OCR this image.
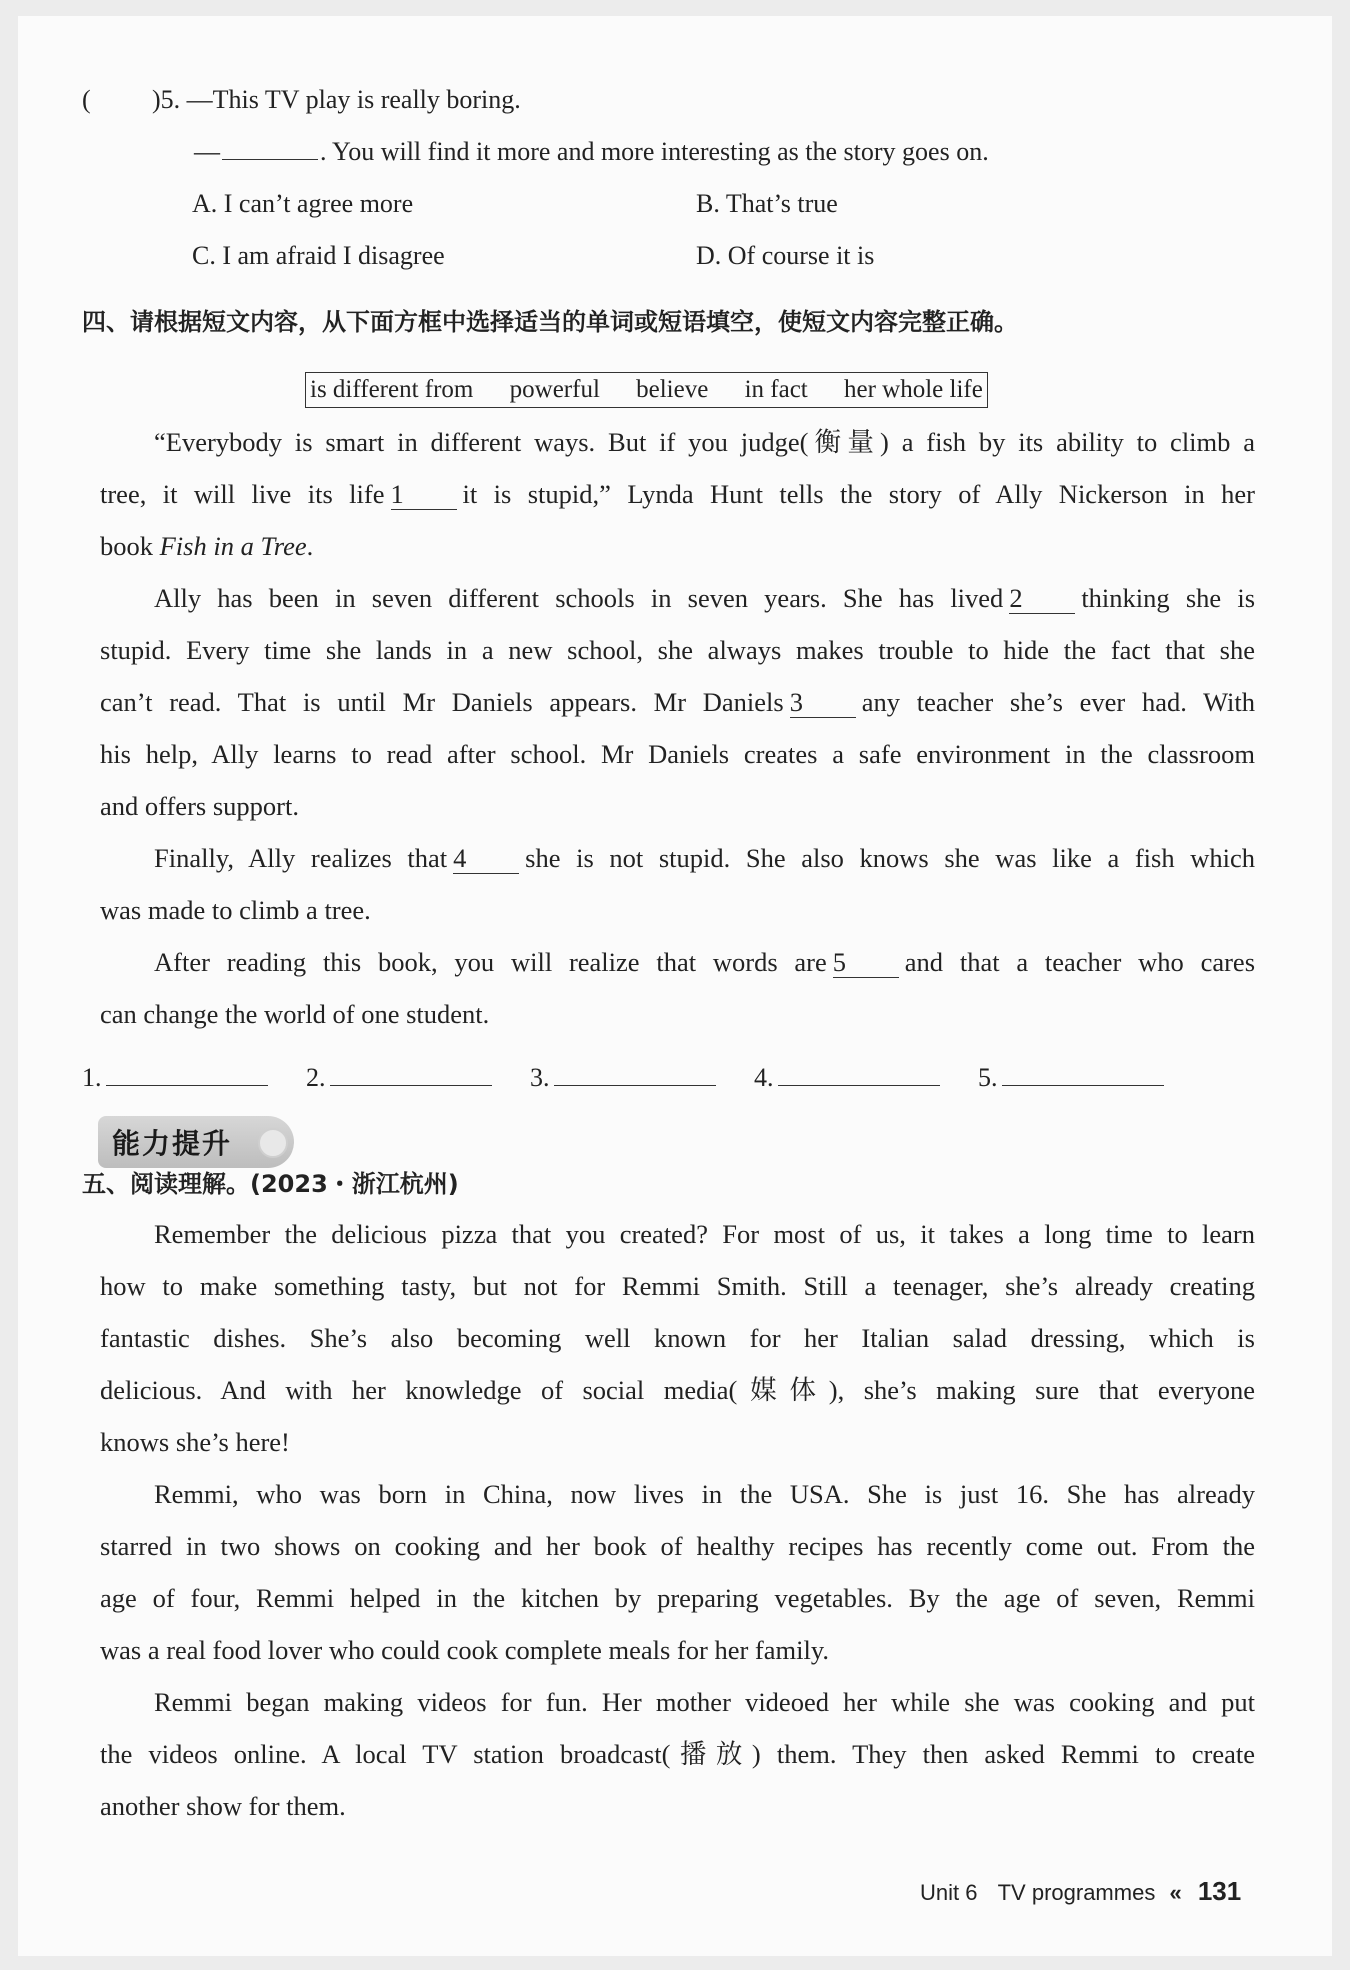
( )5. —This TV play is really boring.
—	. You will find it more and more interesting as the story goes on.
A. I can’t agree more	B. That’s true
C. I am afraid I disagree	D. Of course it is
四、请根据短文内容，从下面方框中选择适当的单词或短语填空，使短文内容完整正确。
is different from powerful believe in fact her whole life
“Everybody is smart in different ways. But if you judge(衡量) a fish by its ability to climb a
tree, it will live its life 1 it is stupid,” Lynda Hunt tells the story of Ally Nickerson in her
book Fish in a Tree.
Ally has been in seven different schools in seven years. She has lived 2 thinking she is
stupid. Every time she lands in a new school, she always makes trouble to hide the fact that she
can’t read. That is until Mr Daniels appears. Mr Daniels 3 any teacher she’s ever had. With
his help, Ally learns to read after school. Mr Daniels creates a safe environment in the classroom
and offers support.
Finally, Ally realizes that 4 she is not stupid. She also knows she was like a fish which
was made to climb a tree.
After reading this book, you will realize that words are 5 and that a teacher who cares
can change the world of one student.
1.	2.	3.	4.	5.
能力提升
五、阅读理解。(2023・浙江杭州)
Remember the delicious pizza that you created? For most of us, it takes a long time to learn
how to make something tasty, but not for Remmi Smith. Still a teenager, she’s already creating
fantastic dishes. She’s also becoming well known for her Italian salad dressing, which is
delicious. And with her knowledge of social media(媒体), she’s making sure that everyone
knows she’s here!
Remmi, who was born in China, now lives in the USA. She is just 16. She has already
starred in two shows on cooking and her book of healthy recipes has recently come out. From the
age of four, Remmi helped in the kitchen by preparing vegetables. By the age of seven, Remmi
was a real food lover who could cook complete meals for her family.
Remmi began making videos for fun. Her mother videoed her while she was cooking and put
the videos online. A local TV station broadcast(播放) them. They then asked Remmi to create
another show for them.
Unit 6 TV programmes « 131
